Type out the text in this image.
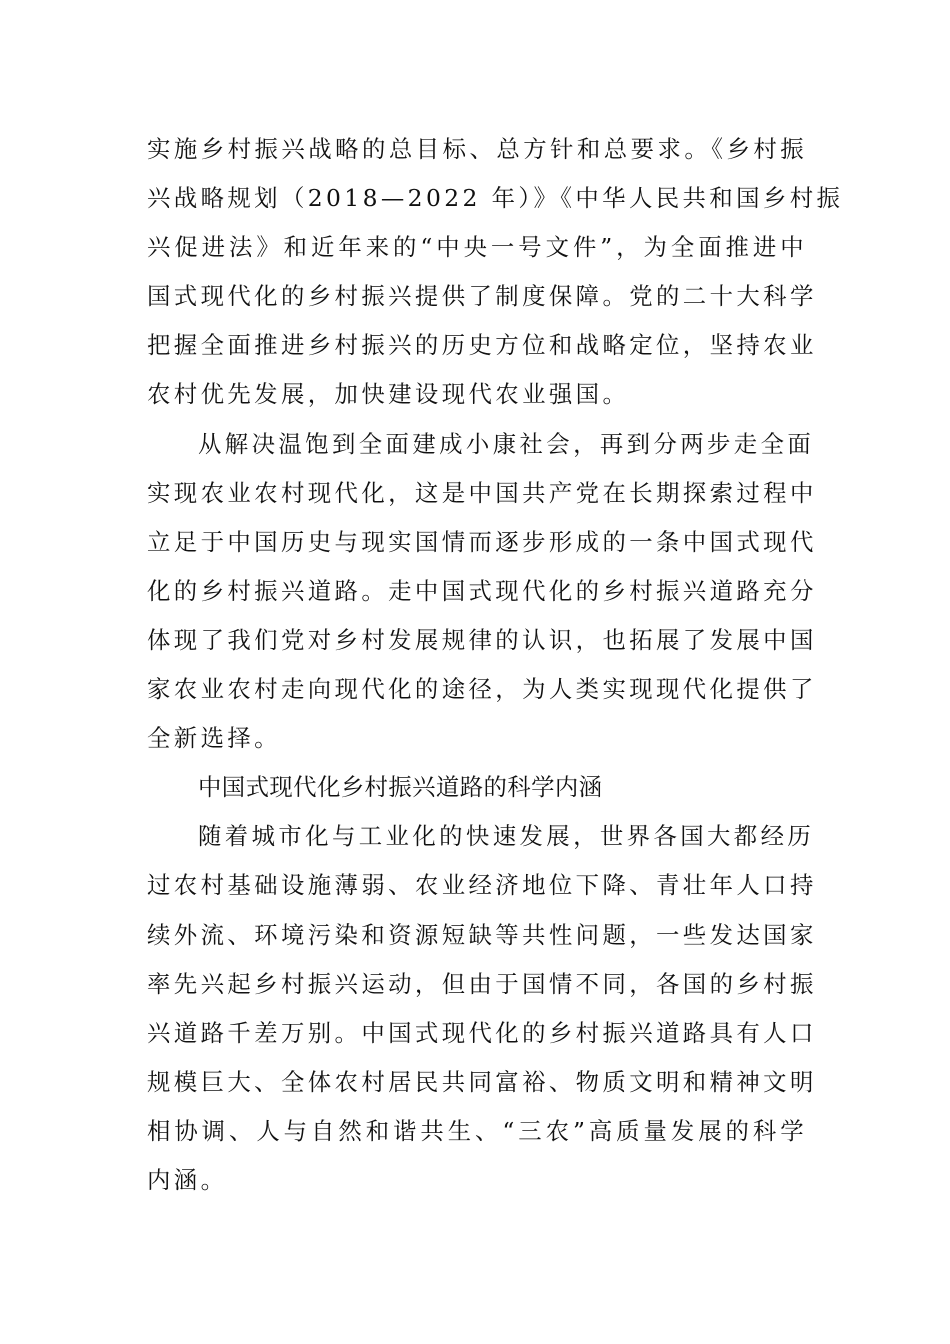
实施乡村振兴战略的总目标、总方针和总要求。《乡村振
兴战略规划（2018—2022 年）》《中华人民共和国乡村振
兴促进法》和近年来的“中央一号文件”，为全面推进中
国式现代化的乡村振兴提供了制度保障。党的二十大科学
把握全面推进乡村振兴的历史方位和战略定位，坚持农业
农村优先发展，加快建设现代农业强国。
从解决温饱到全面建成小康社会，再到分两步走全面
实现农业农村现代化，这是中国共产党在长期探索过程中
立足于中国历史与现实国情而逐步形成的一条中国式现代
化的乡村振兴道路。走中国式现代化的乡村振兴道路充分
体现了我们党对乡村发展规律的认识，也拓展了发展中国
家农业农村走向现代化的途径，为人类实现现代化提供了
全新选择。
中国式现代化乡村振兴道路的科学内涵
随着城市化与工业化的快速发展，世界各国大都经历
过农村基础设施薄弱、农业经济地位下降、青壮年人口持
续外流、环境污染和资源短缺等共性问题，一些发达国家
率先兴起乡村振兴运动，但由于国情不同，各国的乡村振
兴道路千差万别。中国式现代化的乡村振兴道路具有人口
规模巨大、全体农村居民共同富裕、物质文明和精神文明
相协调、人与自然和谐共生、“三农”高质量发展的科学
内涵。
